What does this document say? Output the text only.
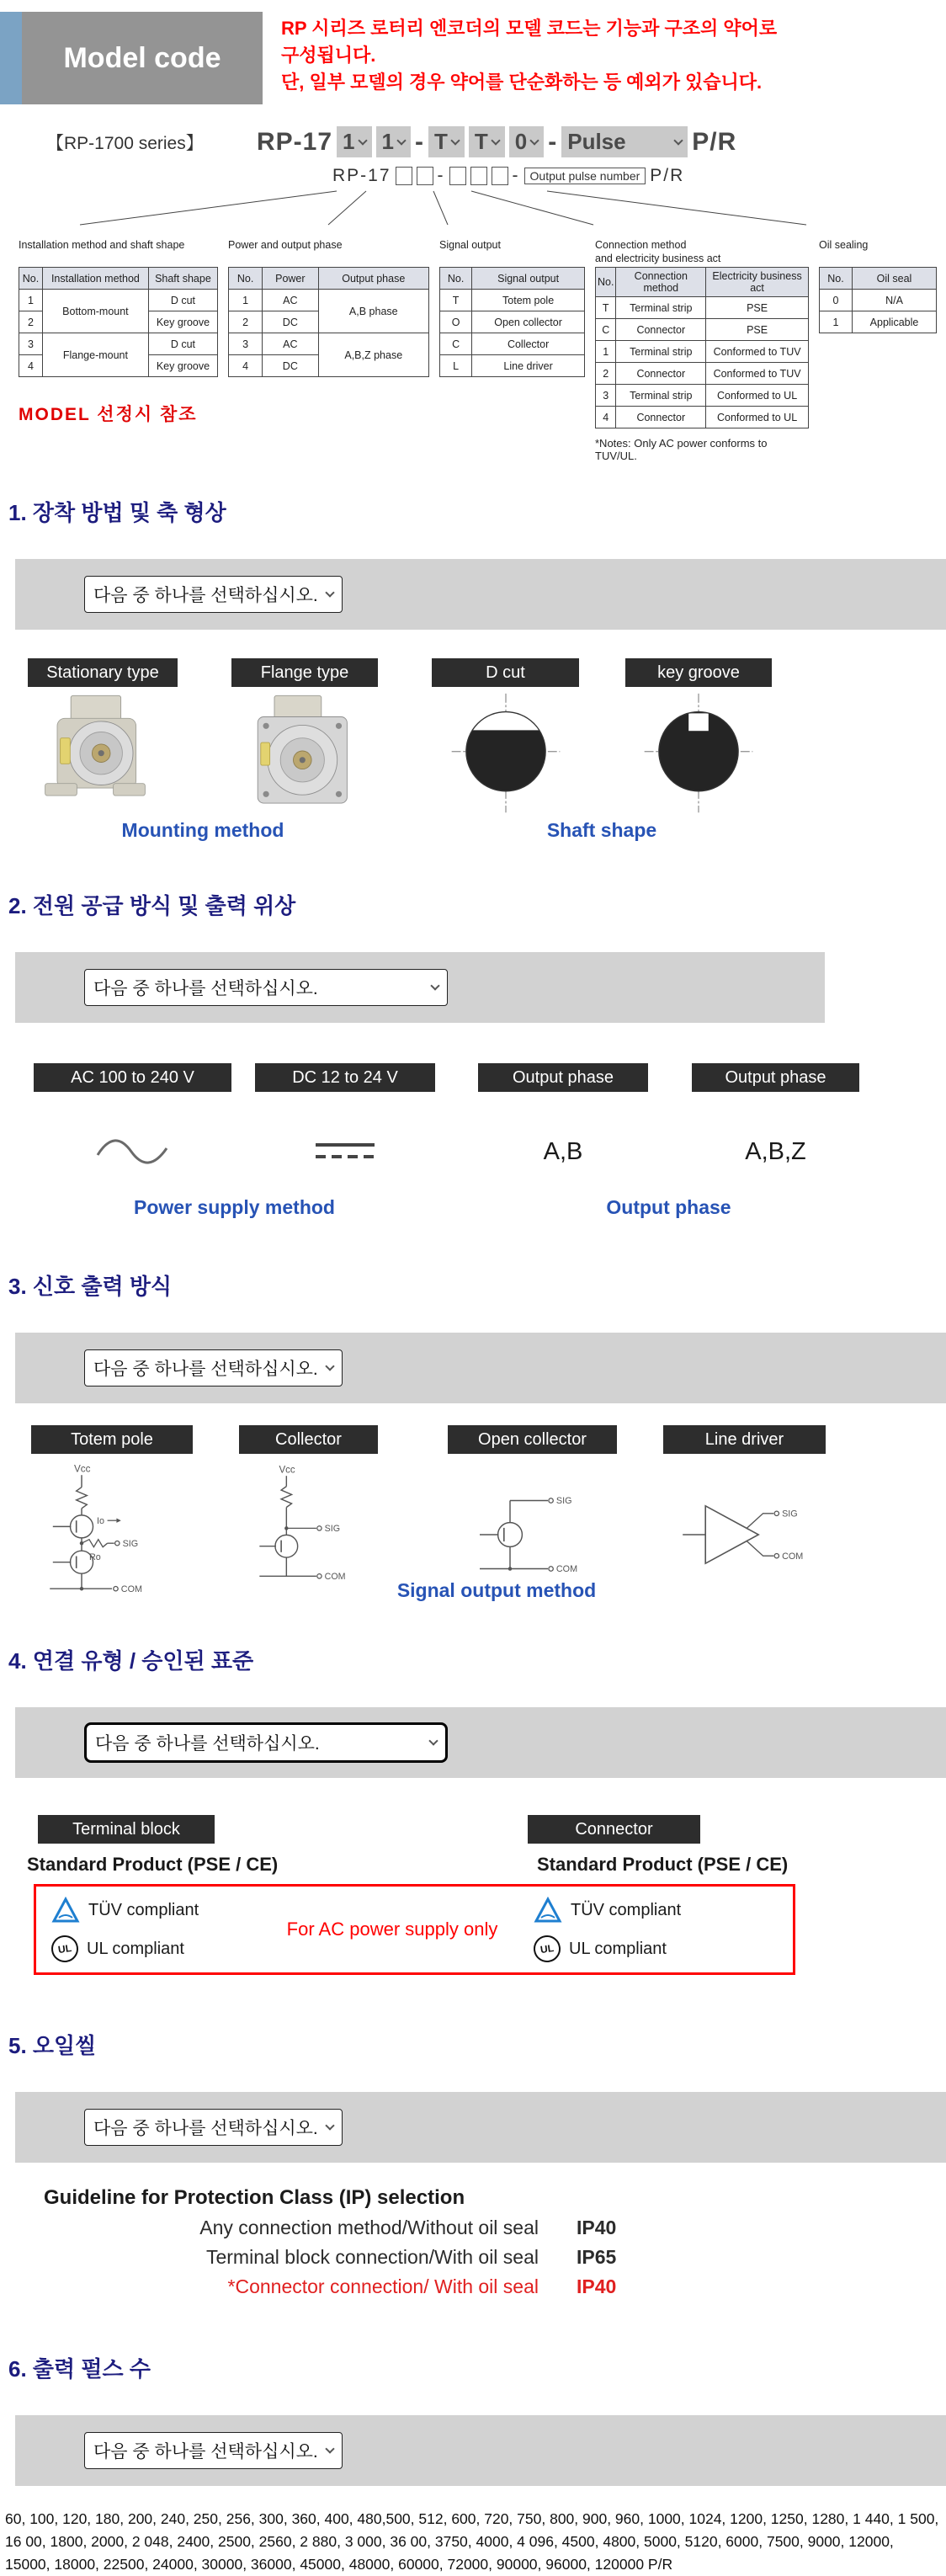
Model code
RP 시리즈 로터리 엔코더의 모델 코드는 기능과 구조의 약어로
구성됩니다.
단, 일부 모델의 경우 약어를 단순화하는 등 예외가 있습니다.
【RP-1700 series】	RP-17 1 1 - T T 0 - Pulse	P/R
RP-17	-	- Output pulse number P/R
Installation method and shaft shape
No.	Installation method	Shaft shape
1	Bottom-mount	D cut
2		Key groove
3	Flange-mount	D cut
4		Key groove
MODEL 선정시 참조
Power and output phase
No.	Power	Output phase
1	AC	A,B phase
2	DC	
3	AC	A,B,Z phase
4	DC	
Signal output
No.	Signal output
T	Totem pole
O	Open collector
C	Collector
L	Line driver
Connection method
and electricity business act
No.	Connection method	Electricity business act
T	Terminal strip	PSE
C	Connector	PSE
1	Terminal strip	Conformed to TUV
2	Connector	Conformed to TUV
3	Terminal strip	Conformed to UL
4	Connector	Conformed to UL
*Notes: Only AC power conforms to TUV/UL.
Oil sealing
No.	Oil seal
0	N/A
1	Applicable
1. 장착 방법 및 축 형상
다음 중 하나를 선택하십시오.
Stationary type	Flange type	D cut	key groove
Mounting method	Shaft shape
2. 전원 공급 방식 및 출력 위상
다음 중 하나를 선택하십시오.
AC 100 to 240 V	DC 12 to 24 V	Output phase	Output phase
A,B	A,B,Z
Power supply method	Output phase
3. 신호 출력 방식
다음 중 하나를 선택하십시오.
Totem pole
Vcc
Io
SIG
Ro
COM
Collector
Vcc
SIG
COM
Open collector
SIG
COM
Line driver
SIG
COM
Signal output method
4. 연결 유형 / 승인된 표준
다음 중 하나를 선택하십시오.
Terminal block	Connector
Standard Product (PSE / CE)	Standard Product (PSE / CE)
TÜV compliant
UL UL compliant
For AC power supply only
TÜV compliant
UL UL compliant
5. 오일씰
다음 중 하나를 선택하십시오.
Guideline for Protection Class (IP) selection
Any connection method/Without oil seal IP40
Terminal block connection/With oil seal IP65
*Connector connection/ With oil seal IP40
6. 출력 펄스 수
다음 중 하나를 선택하십시오.
60, 100, 120, 180, 200, 240, 250, 256, 300, 360, 400, 480,500, 512, 600, 720, 750, 800, 900, 960, 1000, 1024, 1200, 1250, 1280, 1 440, 1 500, 16 00, 1800, 2000, 2 048, 2400, 2500, 2560, 2 880, 3 000, 36 00, 3750, 4000, 4 096, 4500, 4800, 5000, 5120, 6000, 7500, 9000, 12000, 15000, 18000, 22500, 24000, 30000, 36000, 45000, 48000, 60000, 72000, 90000, 96000, 120000 P/R
